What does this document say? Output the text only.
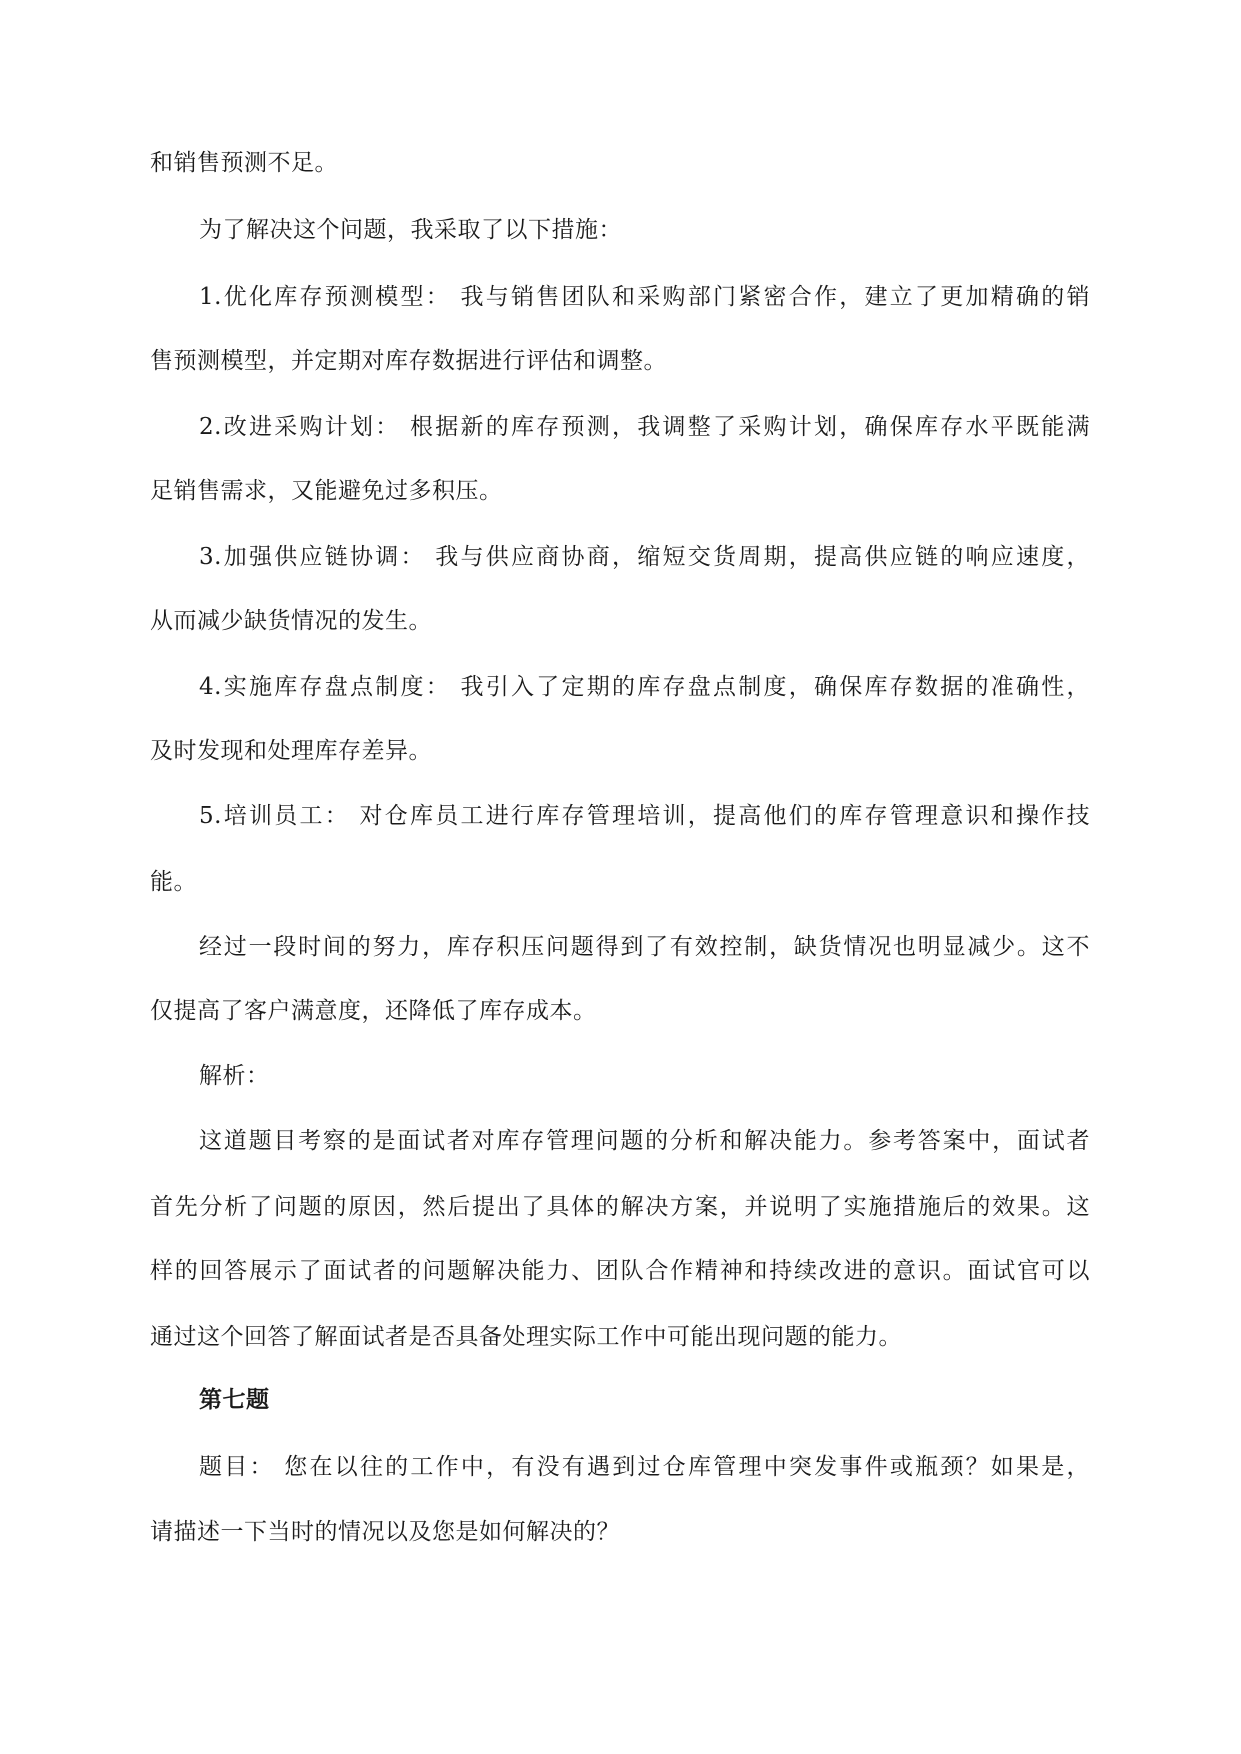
和销售预测不足。
为了解决这个问题，我采取了以下措施：
1.优化库存预测模型： 我与销售团队和采购部门紧密合作，建立了更加精确的销
售预测模型，并定期对库存数据进行评估和调整。
2.改进采购计划： 根据新的库存预测，我调整了采购计划，确保库存水平既能满
足销售需求，又能避免过多积压。
3.加强供应链协调： 我与供应商协商，缩短交货周期，提高供应链的响应速度，
从而减少缺货情况的发生。
4.实施库存盘点制度： 我引入了定期的库存盘点制度，确保库存数据的准确性，
及时发现和处理库存差异。
5.培训员工： 对仓库员工进行库存管理培训，提高他们的库存管理意识和操作技
能。
经过一段时间的努力，库存积压问题得到了有效控制，缺货情况也明显减少。这不
仅提高了客户满意度，还降低了库存成本。
解析：
这道题目考察的是面试者对库存管理问题的分析和解决能力。参考答案中，面试者
首先分析了问题的原因，然后提出了具体的解决方案，并说明了实施措施后的效果。这
样的回答展示了面试者的问题解决能力、团队合作精神和持续改进的意识。面试官可以
通过这个回答了解面试者是否具备处理实际工作中可能出现问题的能力。
第七题
题目： 您在以往的工作中，有没有遇到过仓库管理中突发事件或瓶颈？如果是，
请描述一下当时的情况以及您是如何解决的？
